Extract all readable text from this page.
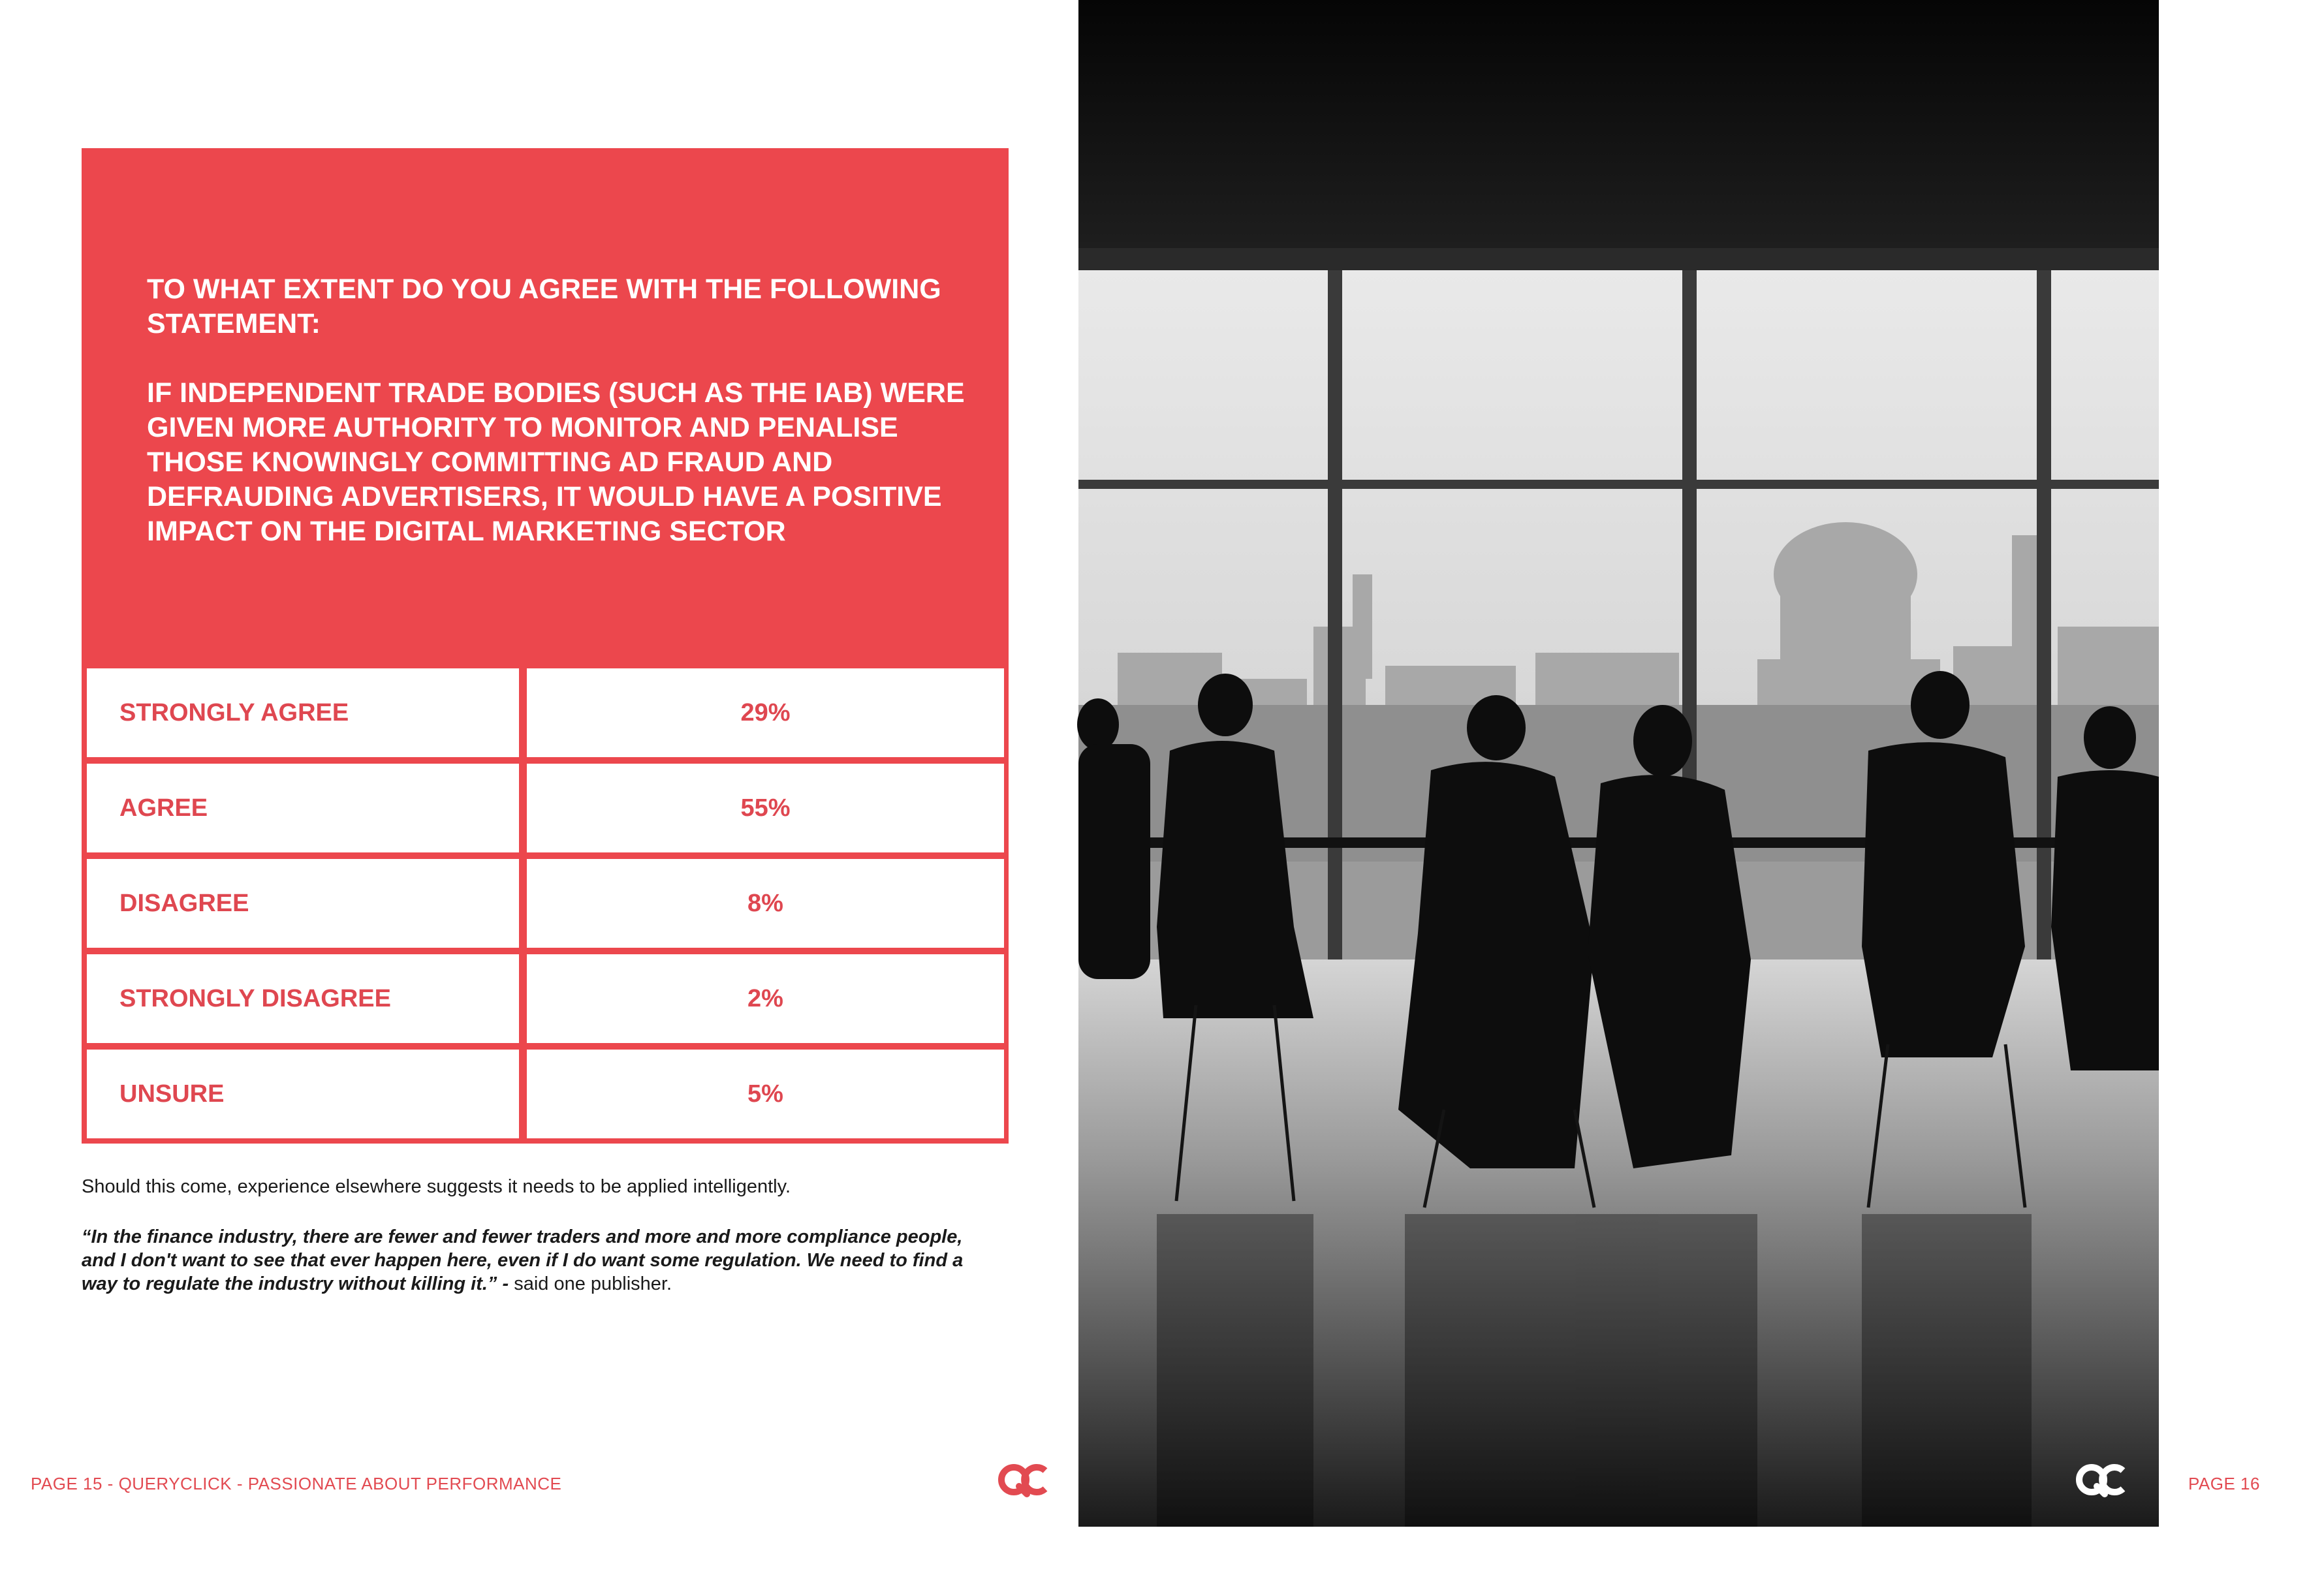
TO WHAT EXTENT DO YOU AGREE WITH THE FOLLOWING STATEMENT:

IF INDEPENDENT TRADE BODIES (SUCH AS THE IAB) WERE GIVEN MORE AUTHORITY TO MONITOR AND PENALISE THOSE KNOWINGLY COMMITTING AD FRAUD AND DEFRAUDING ADVERTISERS, IT WOULD HAVE A POSITIVE IMPACT ON THE DIGITAL MARKETING SECTOR

STRONGLY AGREE	29%
AGREE	55%
DISAGREE	8%
STRONGLY DISAGREE	2%
UNSURE	5%
Should this come, experience elsewhere suggests it needs to be applied intelligently.
“In the finance industry, there are fewer and fewer traders and more and more compliance people, and I don't want to see that ever happen here, even if I do want some regulation. We need to find a way to regulate the industry without killing it.” - said one publisher.
PAGE 15 - QUERYCLICK - PASSIONATE ABOUT PERFORMANCE	PAGE 16 - QUERYCLICK - PASSIONATE ABOUT PERFORMANCE
